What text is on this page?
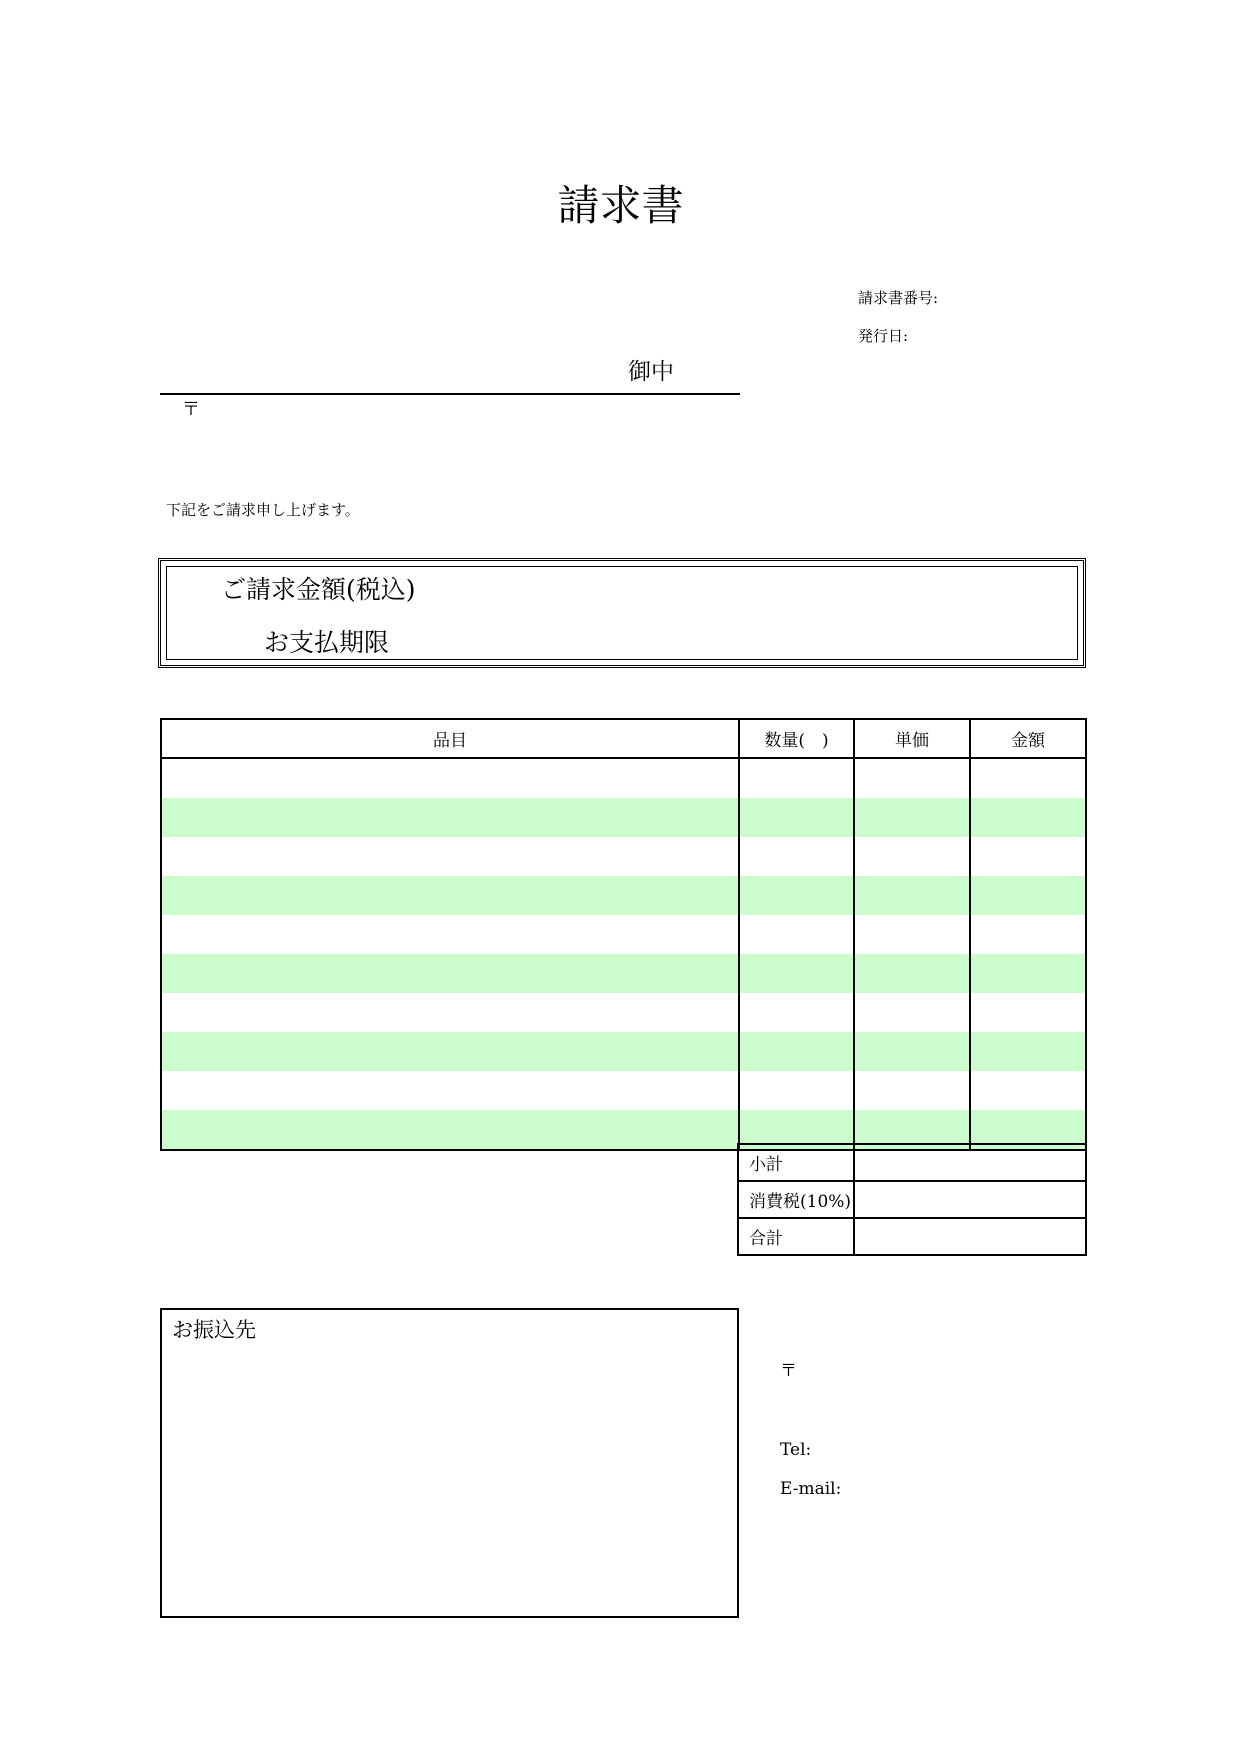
請求書
請求書番号:
発行日:
御中
〒
下記をご請求申し上げます。
ご請求金額(税込)
お支払期限
品目	数量(　)	単価	金額

小計	
消費税(10%)	
合計	
お振込先
〒
Tel:
E-mail:
